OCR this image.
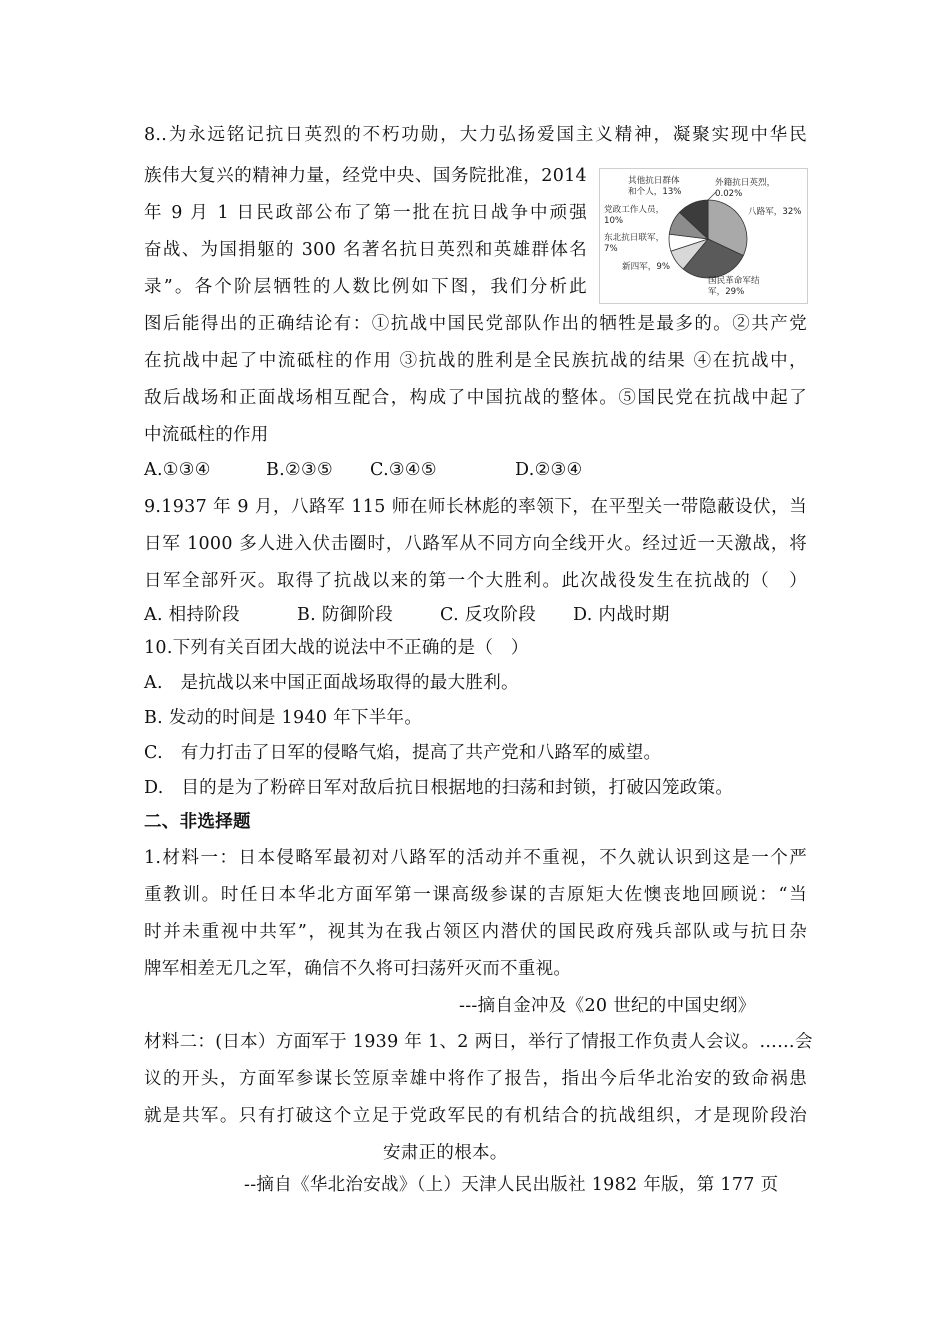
8..为永远铭记抗日英烈的不朽功勋，大力弘扬爱国主义精神，凝聚实现中华民
族伟大复兴的精神力量，经党中央、国务院批准，2014
年 9 月 1 日民政部公布了第一批在抗日战争中顽强
奋战、为国捐躯的 300 名著名抗日英烈和英雄群体名
录”。各个阶层牺牲的人数比例如下图，我们分析此
图后能得出的正确结论有：①抗战中国民党部队作出的牺牲是最多的。②共产党
在抗战中起了中流砥柱的作用 ③抗战的胜利是全民族抗战的结果 ④在抗战中，
敌后战场和正面战场相互配合，构成了中国抗战的整体。⑤国民党在抗战中起了
中流砥柱的作用
A.①③④	B.②③⑤ C.③④⑤	D.②③④
八路军，32%
国民革命军结
军，29%
新四军，9%
东北抗日联军，
7%
党政工作人员，
10%
其他抗日群体
和个人，13%
外籍抗日英烈，
0.02%
9.1937 年 9 月，八路军 115 师在师长林彪的率领下，在平型关一带隐蔽设伏，当
日军 1000 多人进入伏击圈时，八路军从不同方向全线开火。经过近一天激战，将
日军全部歼灭。取得了抗战以来的第一个大胜利。此次战役发生在抗战的（　）
A. 相持阶段	B. 防御阶段	C. 反攻阶段 D. 内战时期
10.下列有关百团大战的说法中不正确的是（　）
A.　是抗战以来中国正面战场取得的最大胜利。
B. 发动的时间是 1940 年下半年。
C.　有力打击了日军的侵略气焰，提高了共产党和八路军的威望。
D.　目的是为了粉碎日军对敌后抗日根据地的扫荡和封锁，打破囚笼政策。
二、非选择题
1.材料一：日本侵略军最初对八路军的活动并不重视，不久就认识到这是一个严
重教训。时任日本华北方面军第一课高级参谋的吉原矩大佐懊丧地回顾说：“当
时并未重视中共军”，视其为在我占领区内潜伏的国民政府残兵部队或与抗日杂
牌军相差无几之军，确信不久将可扫荡歼灭而不重视。
---摘自金冲及《20 世纪的中国史纲》
材料二：(日本）方面军于 1939 年 1、2 两日，举行了情报工作负责人会议。……会
议的开头，方面军参谋长笠原幸雄中将作了报告，指出今后华北治安的致命祸患
就是共军。只有打破这个立足于党政军民的有机结合的抗战组织，才是现阶段治
安肃正的根本。
--摘自《华北治安战》（上）天津人民出版社 1982 年版，第 177 页
